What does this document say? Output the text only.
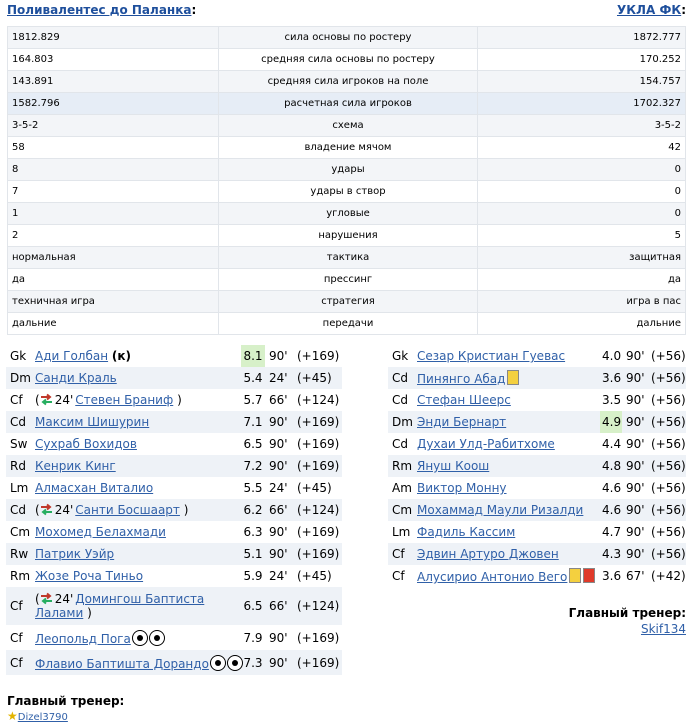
Поливалентес до Паланка:	УКЛА ФК:
1812.829	сила основы по ростеру	1872.777
164.803	средняя сила основы по ростеру	170.252
143.891	средняя сила игроков на поле	154.757
1582.796	расчетная сила игроков	1702.327
3-5-2	схема	3-5-2
58	владение мячом	42
8	удары	0
7	удары в створ	0
1	угловые	0
2	нарушения	5
нормальная	тактика	защитная
да	прессинг	да
техничная игра	стратегия	игра в пас
дальние	передачи	дальние
Gk	Ади Голбан (к)	8.1	90'	(+169)
Dm	Санди Краль	5.4	24'	(+45)
Cf	( 24' Стевен Браниф )	5.7	66'	(+124)
Cd	Максим Шишурин	7.1	90'	(+169)
Sw	Сухраб Вохидов	6.5	90'	(+169)
Rd	Кенрик Кинг	7.2	90'	(+169)
Lm	Алмасхан Виталио	5.5	24'	(+45)
Cd	( 24' Санти Босшаарт )	6.2	66'	(+124)
Cm	Мохомед Белахмади	6.3	90'	(+169)
Rw	Патрик Уэйр	5.1	90'	(+169)
Rm	Жозе Роча Тиньо	5.9	24'	(+45)
Cf	( 24' Домингош Баптиста Лалами )	6.5	66'	(+124)
Cf	Леопольд Пога	7.9	90'	(+169)
Cf	Флавио Баптишта Дорандо	7.3	90'	(+169)
Gk	Сезар Кристиан Гуевас	4.0	90'	(+56)
Cd	Пинянго Абад	3.6	90'	(+56)
Cd	Стефан Шеерс	3.5	90'	(+56)
Dm	Энди Бернарт	4.9	90'	(+56)
Cd	Духаи Улд-Рабитхоме	4.4	90'	(+56)
Rm	Януш Коош	4.8	90'	(+56)
Am	Виктор Монну	4.6	90'	(+56)
Cm	Мохаммад Маули Ризалди	4.6	90'	(+56)
Lm	Фадиль Кассим	4.7	90'	(+56)
Cf	Эдвин Артуро Джовен	4.3	90'	(+56)
Cf	Алусирио Антонио Вего	3.6	67'	(+42)
Главный тренер:
Skif134
Главный тренер:
★Dizel3790
